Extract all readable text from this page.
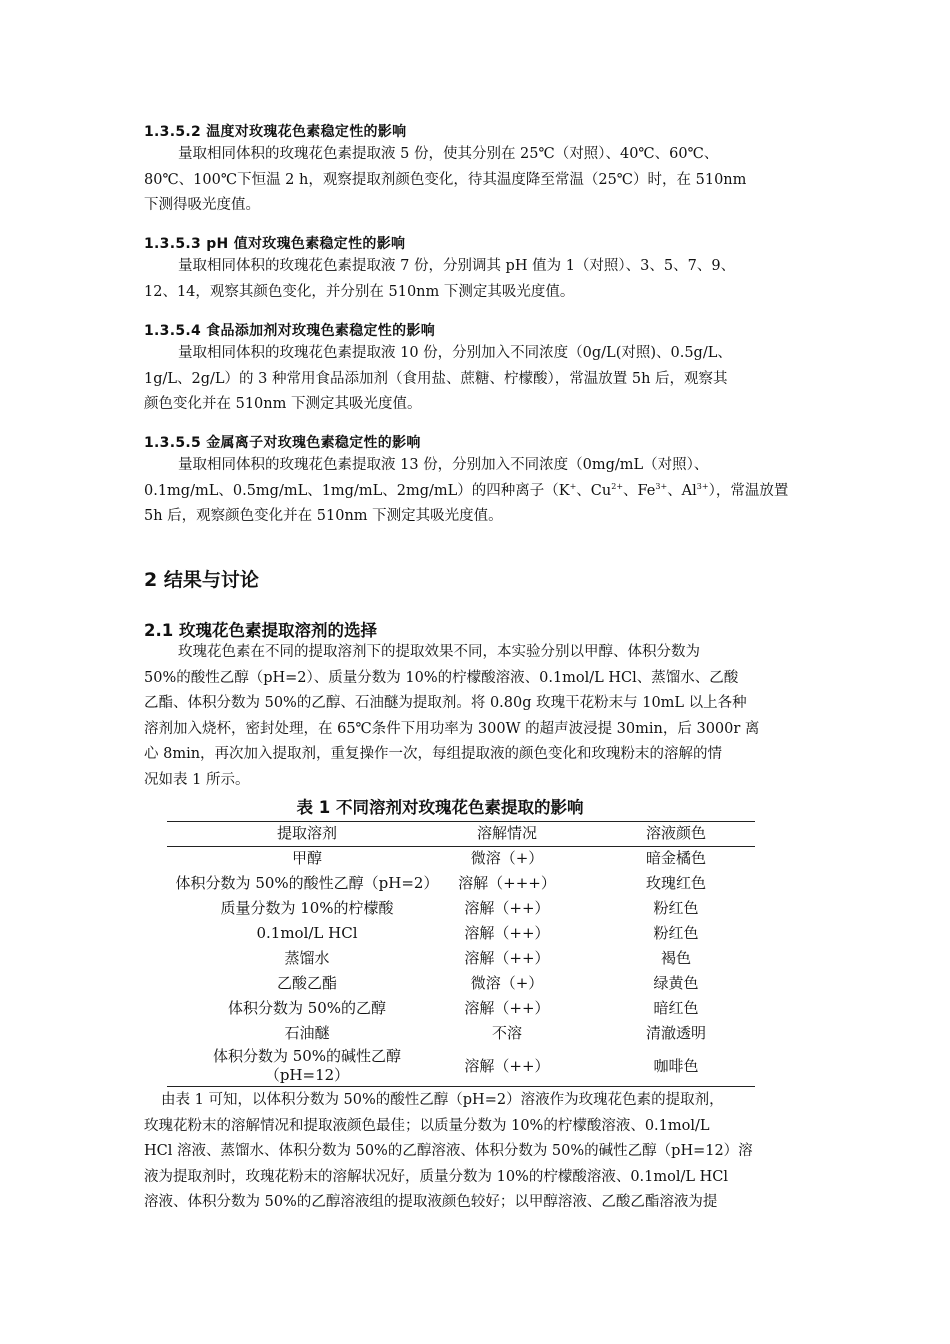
1.3.5.2 温度对玫瑰花色素稳定性的影响
量取相同体积的玫瑰花色素提取液 5 份，使其分别在 25℃（对照）、40℃、60℃、
80℃、100℃下恒温 2 h，观察提取剂颜色变化，待其温度降至常温（25℃）时，在 510nm
下测得吸光度值。
1.3.5.3 pH 值对玫瑰色素稳定性的影响
量取相同体积的玫瑰花色素提取液 7 份，分别调其 pH 值为 1（对照）、3、5、7、9、
12、14，观察其颜色变化，并分别在 510nm 下测定其吸光度值。
1.3.5.4 食品添加剂对玫瑰色素稳定性的影响
量取相同体积的玫瑰花色素提取液 10 份，分别加入不同浓度（0g/L(对照)、0.5g/L、
1g/L、2g/L）的 3 种常用食品添加剂（食用盐、蔗糖、柠檬酸），常温放置 5h 后，观察其
颜色变化并在 510nm 下测定其吸光度值。
1.3.5.5 金属离子对玫瑰色素稳定性的影响
量取相同体积的玫瑰花色素提取液 13 份，分别加入不同浓度（0mg/mL（对照）、
0.1mg/mL、0.5mg/mL、1mg/mL、2mg/mL）的四种离子（K+、$Cu^{2+}$、$Fe^{3+}$、$Al^{3+}$），常温放置
5h 后，观察颜色变化并在 510nm 下测定其吸光度值。
2 结果与讨论
2.1 玫瑰花色素提取溶剂的选择
玫瑰花色素在不同的提取溶剂下的提取效果不同，本实验分别以甲醇、体积分数为
50%的酸性乙醇（pH=2）、质量分数为 10%的柠檬酸溶液、0.1mol/L HCl、蒸馏水、乙酸
乙酯、体积分数为 50%的乙醇、石油醚为提取剂。将 0.80g 玫瑰干花粉末与 10mL 以上各种
溶剂加入烧杯，密封处理，在 65℃条件下用功率为 300W 的超声波浸提 30min，后 3000r 离
心 8min，再次加入提取剂，重复操作一次，每组提取液的颜色变化和玫瑰粉末的溶解的情
况如表 1 所示。
表 1 不同溶剂对玫瑰花色素提取的影响
提取溶剂	溶解情况	溶液颜色
甲醇	微溶（+）	暗金橘色
体积分数为 50%的酸性乙醇（pH=2）	溶解（+++）	玫瑰红色
质量分数为 10%的柠檬酸	溶解（++）	粉红色
0.1mol/L HCl	溶解（++）	粉红色
蒸馏水	溶解（++）	褐色
乙酸乙酯	微溶（+）	绿黄色
体积分数为 50%的乙醇	溶解（++）	暗红色
石油醚	不溶	清澈透明
体积分数为 50%的碱性乙醇
（pH=12）	溶解（++）	咖啡色
由表 1 可知，以体积分数为 50%的酸性乙醇（pH=2）溶液作为玫瑰花色素的提取剂，
玫瑰花粉末的溶解情况和提取液颜色最佳；以质量分数为 10%的柠檬酸溶液、0.1mol/L
HCl 溶液、蒸馏水、体积分数为 50%的乙醇溶液、体积分数为 50%的碱性乙醇（pH=12）溶
液为提取剂时，玫瑰花粉末的溶解状况好，质量分数为 10%的柠檬酸溶液、0.1mol/L HCl
溶液、体积分数为 50%的乙醇溶液组的提取液颜色较好；以甲醇溶液、乙酸乙酯溶液为提
